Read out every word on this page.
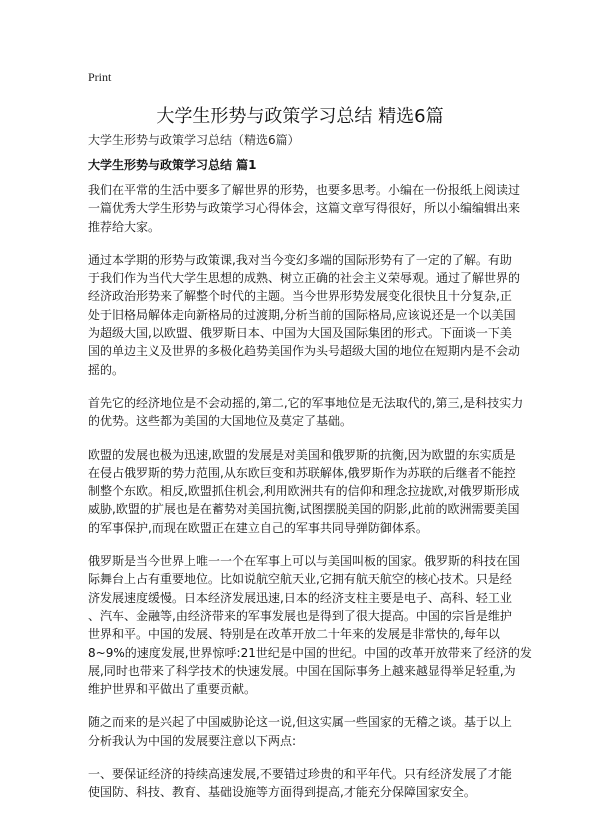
Print
大学生形势与政策学习总结 精选6篇
大学生形势与政策学习总结（精选6篇）
大学生形势与政策学习总结 篇1

我们在平常的生活中要多了解世界的形势，也要多思考。小编在一份报纸上阅读过
一篇优秀大学生形势与政策学习心得体会，这篇文章写得很好，所以小编编辑出来
推荐给大家。

通过本学期的形势与政策课,我对当今变幻多端的国际形势有了一定的了解。有助
于我们作为当代大学生思想的成熟、树立正确的社会主义荣辱观。通过了解世界的
经济政治形势来了解整个时代的主题。当今世界形势发展变化很快且十分复杂,正
处于旧格局解体走向新格局的过渡期,分析当前的国际格局,应该说还是一个以美国
为超级大国,以欧盟、俄罗斯日本、中国为大国及国际集团的形式。下面谈一下美
国的单边主义及世界的多极化趋势美国作为头号超级大国的地位在短期内是不会动
摇的。

首先它的经济地位是不会动摇的,第二,它的军事地位是无法取代的,第三,是科技实力
的优势。这些都为美国的大国地位及莫定了基础。

欧盟的发展也极为迅速,欧盟的发展是对美国和俄罗斯的抗衡,因为欧盟的东实质是
在侵占俄罗斯的势力范围,从东欧巨变和苏联解体,俄罗斯作为苏联的后继者不能控
制整个东欧。相反,欧盟抓住机会,利用欧洲共有的信仰和理念拉拢欧,对俄罗斯形成
威胁,欧盟的扩展也是在蓄势对美国抗衡,试图摆脱美国的阴影,此前的欧洲需要美国
的军事保护,而现在欧盟正在建立自己的军事共同导弹防御体系。

俄罗斯是当今世界上唯一一个在军事上可以与美国叫板的国家。俄罗斯的科技在国
际舞台上占有重要地位。比如说航空航天业,它拥有航天航空的核心技术。只是经
济发展速度缓慢。日本经济发展迅速,日本的经济支柱主要是电子、高科、轻工业
、汽车、金融等,由经济带来的军事发展也是得到了很大提高。中国的宗旨是维护
世界和平。中国的发展、特别是在改革开放二十年来的发展是非常快的,每年以
8~9%的速度发展,世界惊呼:21世纪是中国的世纪。中国的改革开放带来了经济的发
展,同时也带来了科学技术的快速发展。中国在国际事务上越来越显得举足轻重,为
维护世界和平做出了重要贡献。

随之而来的是兴起了中国威胁论这一说,但这实属一些国家的无稽之谈。基于以上
分析我认为中国的发展要注意以下两点:

一、要保证经济的持续高速发展,不要错过珍贵的和平年代。只有经济发展了才能
使国防、科技、教育、基础设施等方面得到提高,才能充分保障国家安全。
